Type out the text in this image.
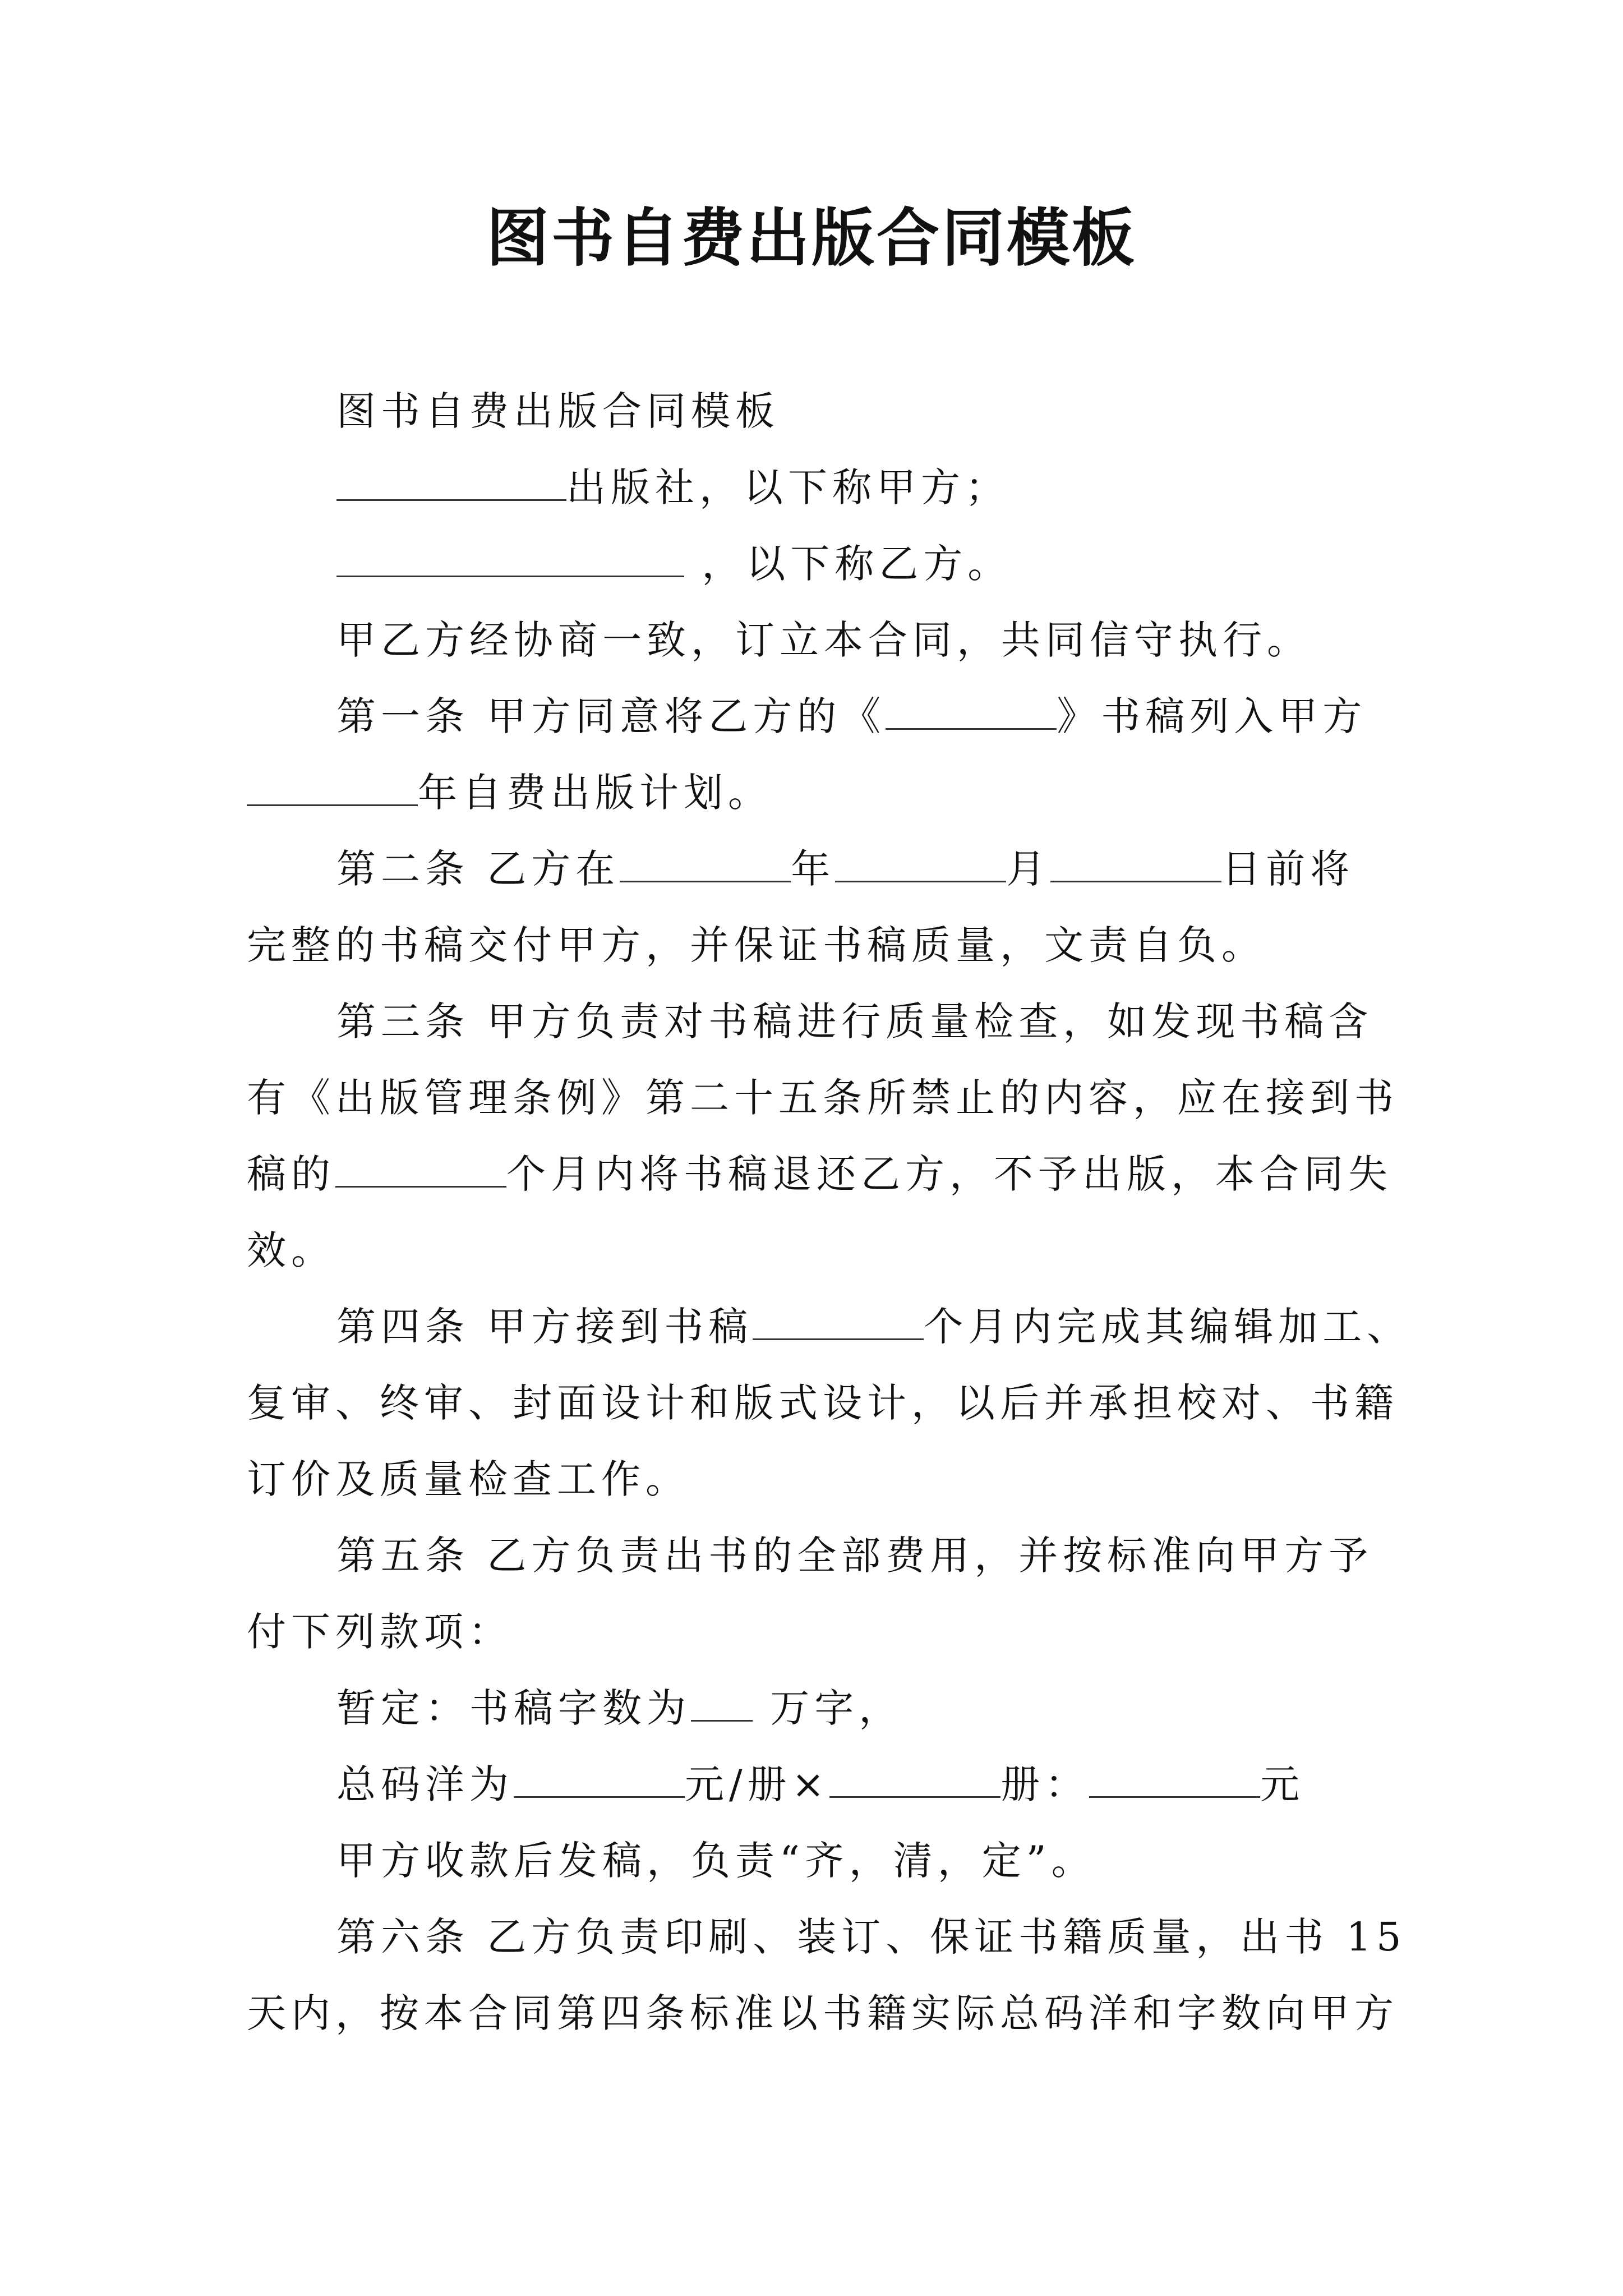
图书自费出版合同模板
图书自费出版合同模板
出版社，以下称甲方；
，以下称乙方。
甲乙方经协商一致，订立本合同，共同信守执行。
第一条 甲方同意将乙方的《	》书稿列入甲方
年自费出版计划。
第二条 乙方在	年	月	日前将
完整的书稿交付甲方，并保证书稿质量，文责自负。
第三条 甲方负责对书稿进行质量检查，如发现书稿含
有《出版管理条例》第二十五条所禁止的内容，应在接到书
稿的	个月内将书稿退还乙方，不予出版，本合同失
效。
第四条 甲方接到书稿	个月内完成其编辑加工、
复审、终审、封面设计和版式设计，以后并承担校对、书籍
订价及质量检查工作。
第五条 乙方负责出书的全部费用，并按标准向甲方予
付下列款项：
暂定：书稿字数为 万字，
总码洋为	元/册×	册：	元
甲方收款后发稿，负责“齐，清，定”。
第六条 乙方负责印刷、装订、保证书籍质量，出书 15
天内，按本合同第四条标准以书籍实际总码洋和字数向甲方
